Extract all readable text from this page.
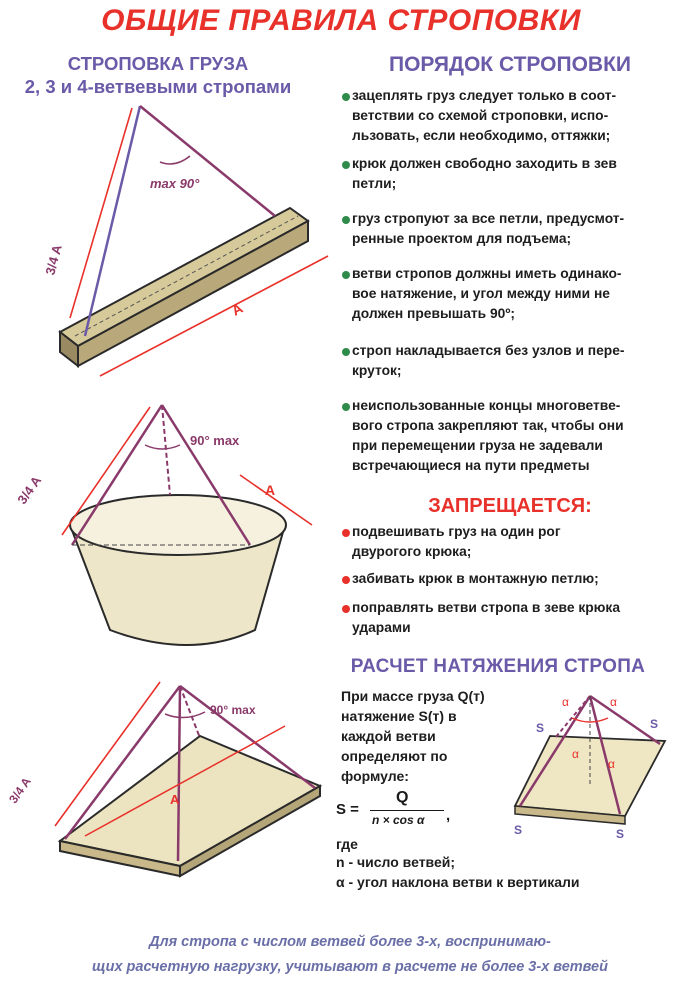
ОБЩИЕ ПРАВИЛА СТРОПОВКИ
СТРОПОВКА ГРУЗА
2, 3 и 4-ветвевыми стропами
3/4 A
max 90°
A
90° max
3/4 A	A
90° max
3/4 A	A
ПОРЯДОК СТРОПОВКИ
зацеплять груз следует только в соот-
ветствии со схемой строповки, испо-
льзовать, если необходимо, оттяжки;
крюк должен свободно заходить в зев
петли;
груз стропуют за все петли, предусмот-
ренные проектом для подъема;
ветви стропов должны иметь одинако-
вое натяжение, и угол между ними не
должен превышать 90º;
строп накладывается без узлов и пере-
круток;
неиспользованные концы многоветве-
вого стропа закрепляют так, чтобы они
при перемещении груза не задевали
встречающиеся на пути предметы
ЗАПРЕЩАЕТСЯ:
подвешивать груз на один рог
двурогого крюка;
забивать крюк в монтажную петлю;
поправлять ветви стропа в зеве крюка
ударами
РАСЧЕТ НАТЯЖЕНИЯ СТРОПА
При массе груза Q(т)
натяжение S(т) в
каждой ветви
определяют по
формуле:
S =
Q
n × cos α ,
где
n - число ветвей;
α - угол наклона ветви к вертикали
α	α
α
α
S	S
S	S
Для стропа с числом ветвей более 3-х, воспринимаю-
щих расчетную нагрузку, учитывают в расчете не более 3-х ветвей
